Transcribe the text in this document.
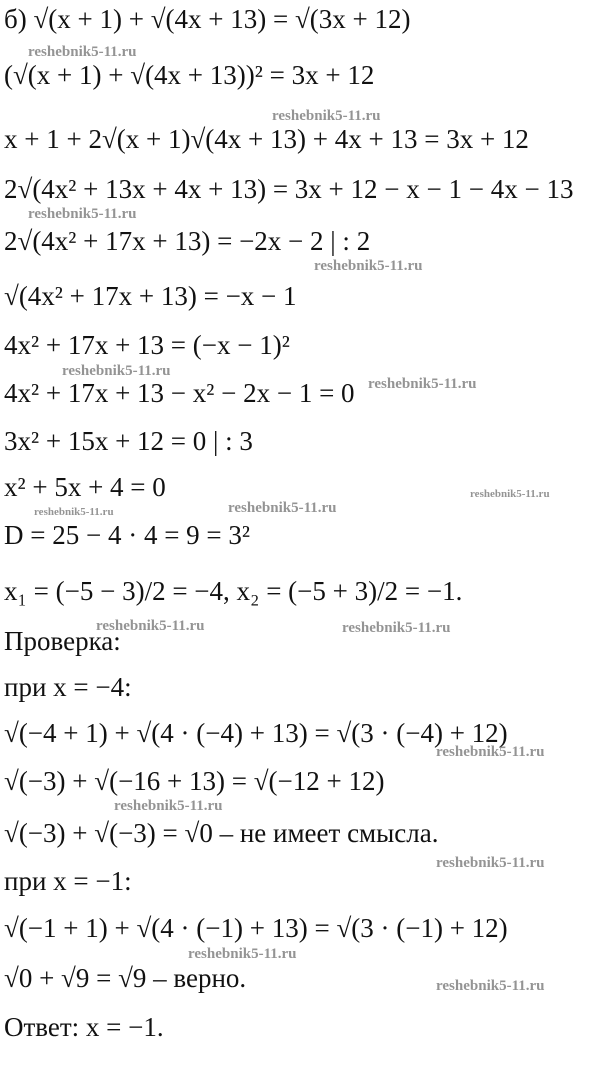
б) √(x + 1) + √(4x + 13) = √(3x + 12)
(√(x + 1) + √(4x + 13))² = 3x + 12
x + 1 + 2√(x + 1)√(4x + 13) + 4x + 13 = 3x + 12
2√(4x² + 13x + 4x + 13) = 3x + 12 − x − 1 − 4x − 13
2√(4x² + 17x + 13) = −2x − 2 | : 2
√(4x² + 17x + 13) = −x − 1
4x² + 17x + 13 = (−x − 1)²
4x² + 17x + 13 − x² − 2x − 1 = 0
3x² + 15x + 12 = 0 | : 3
x² + 5x + 4 = 0
D = 25 − 4 · 4 = 9 = 3²
x₁ = (−5 − 3)/2 = −4, x₂ = (−5 + 3)/2 = −1.
Проверка:
при x = −4:
√(−4 + 1) + √(4 · (−4) + 13) = √(3 · (−4) + 12)
√(−3) + √(−16 + 13) = √(−12 + 12)
√(−3) + √(−3) = √0 – не имеет смысла.
при x = −1:
√(−1 + 1) + √(4 · (−1) + 13) = √(3 · (−1) + 12)
√0 + √9 = √9 – верно.
Ответ: x = −1.
reshebnik5-11.ru
reshebnik5-11.ru
reshebnik5-11.ru
reshebnik5-11.ru
reshebnik5-11.ru
reshebnik5-11.ru
reshebnik5-11.ru
reshebnik5-11.ru	reshebnik5-11.ru
reshebnik5-11.ru	reshebnik5-11.ru
reshebnik5-11.ru
reshebnik5-11.ru
reshebnik5-11.ru
reshebnik5-11.ru
reshebnik5-11.ru
